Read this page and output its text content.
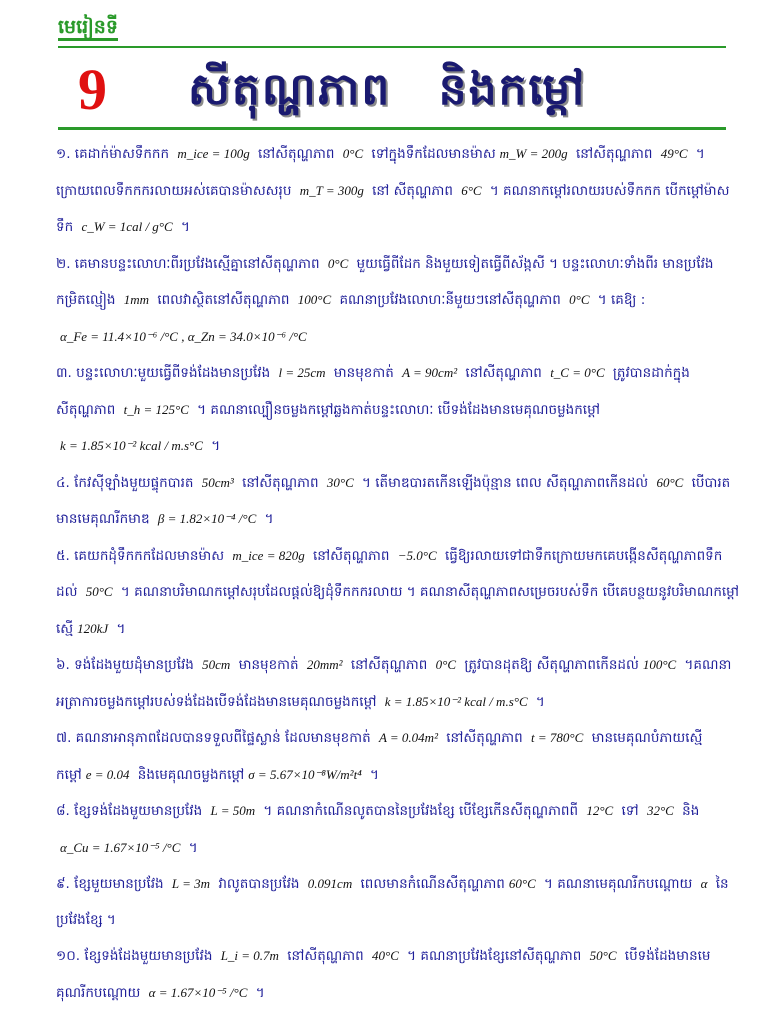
មេរៀនទី
9 សីតុណ្ហភាព និងកម្តៅ

១. គេដាក់ម៉ាសទឹកកក m_ice = 100g នៅសីតុណ្ហភាព 0°C ទៅក្នុងទឹកដែលមានម៉ាស m_W = 200g នៅសីតុណ្ហភាព 49°C ។ ក្រោយពេលទឹកកករលាយអស់គេបានម៉ាសសរុប m_T = 300g នៅ សីតុណ្ហភាព 6°C ។ គណនាកម្តៅរលាយរបស់ទឹកកក បើកម្តៅម៉ាសទឹក c_W = 1cal / g°C ។

២. គេមានបន្ទះលោហៈពីរប្រវែងស្មើគ្នានៅសីតុណ្ហភាព 0°C មួយធ្វើពីដែក និងមួយទៀតធ្វើពីស័ង្កសី ។ បន្ទះលោហៈទាំងពីរ មានប្រវែងកម្រិតល្មៀង 1mm ពេលវាស្ថិតនៅសីតុណ្ហភាព 100°C គណនាប្រវែងលោហៈនីមួយៗនៅសីតុណ្ហភាព 0°C ។ គេឱ្យ : α_Fe = 11.4×10⁻⁶ /°C , α_Zn = 34.0×10⁻⁶ /°C

៣. បន្ទះលោហៈមួយធ្វើពីទង់ដែងមានប្រវែង l = 25cm មានមុខកាត់ A = 90cm² នៅសីតុណ្ហភាព t_C = 0°C ត្រូវបានដាក់ក្នុងសីតុណ្ហភាព t_h = 125°C ។ គណនាល្បឿនចម្លងកម្តៅឆ្លងកាត់បន្ទះលោហៈ បើទង់ដែងមានមេគុណចម្លងកម្តៅ k = 1.85×10⁻² kcal / m.s°C ។

៤. កែវស៊ីឡាំងមួយផ្ទុកបារត 50cm³ នៅសីតុណ្ហភាព 30°C ។ តើមាឌបារតកើនឡើងប៉ុន្មាន ពេល សីតុណ្ហភាពកើនដល់ 60°C បើបារតមានមេគុណរីកមាឌ β = 1.82×10⁻⁴ /°C ។

៥. គេយកដុំទឹកកកដែលមានម៉ាស m_ice = 820g នៅសីតុណ្ហភាព −5.0°C ធ្វើឱ្យរលាយទៅជាទឹកក្រោយមកគេបង្កើនសីតុណ្ហភាពទឹកដល់ 50°C ។ គណនាបរិមាណកម្តៅសរុបដែលផ្តល់ឱ្យដុំទឹកកករលាយ ។ គណនាសីតុណ្ហភាពសម្រេចរបស់ទឹក បើគេបន្ថយនូវបរិមាណកម្តៅស្មើ 120kJ ។

៦. ទង់ដែងមួយដុំមានប្រវែង 50cm មានមុខកាត់ 20mm² នៅសីតុណ្ហភាព 0°C ត្រូវបានដុតឱ្យ សីតុណ្ហភាពកើនដល់ 100°C ។គណនាអត្រាការចម្លងកម្តៅរបស់ទង់ដែងបើទង់ដែងមានមេគុណចម្លងកម្តៅ k = 1.85×10⁻² kcal / m.s°C ។

៧. គណនាអានុភាពដែលបានទទួលពីផ្ទៃស្លាន់ ដែលមានមុខកាត់ A = 0.04m² នៅសីតុណ្ហភាព t = 780°C មានមេគុណបំភាយស្មើកម្តៅ e = 0.04 និងមេគុណចម្លងកម្តៅ σ = 5.67×10⁻⁸W/m²t⁴ ។

៨. ខ្សែទង់ដែងមួយមានប្រវែង L = 50m ។ គណនាកំណើនលូតបាននៃប្រវែងខ្សែ បើខ្សែកើនសីតុណ្ហភាពពី 12°C ទៅ 32°C និង α_Cu = 1.67×10⁻⁵ /°C ។

៩. ខ្សែមួយមានប្រវែង L = 3m វាលូតបានប្រវែង 0.091cm ពេលមានកំណើនសីតុណ្ហភាព 60°C ។ គណនាមេគុណរីកបណ្តោយ α នៃប្រវែងខ្សែ ។

១០. ខ្សែទង់ដែងមួយមានប្រវែង L_i = 0.7m នៅសីតុណ្ហភាព 40°C ។ គណនាប្រវែងខ្សែនៅសីតុណ្ហភាព 50°C បើទង់ដែងមានមេគុណរីកបណ្តោយ α = 1.67×10⁻⁵ /°C ។
